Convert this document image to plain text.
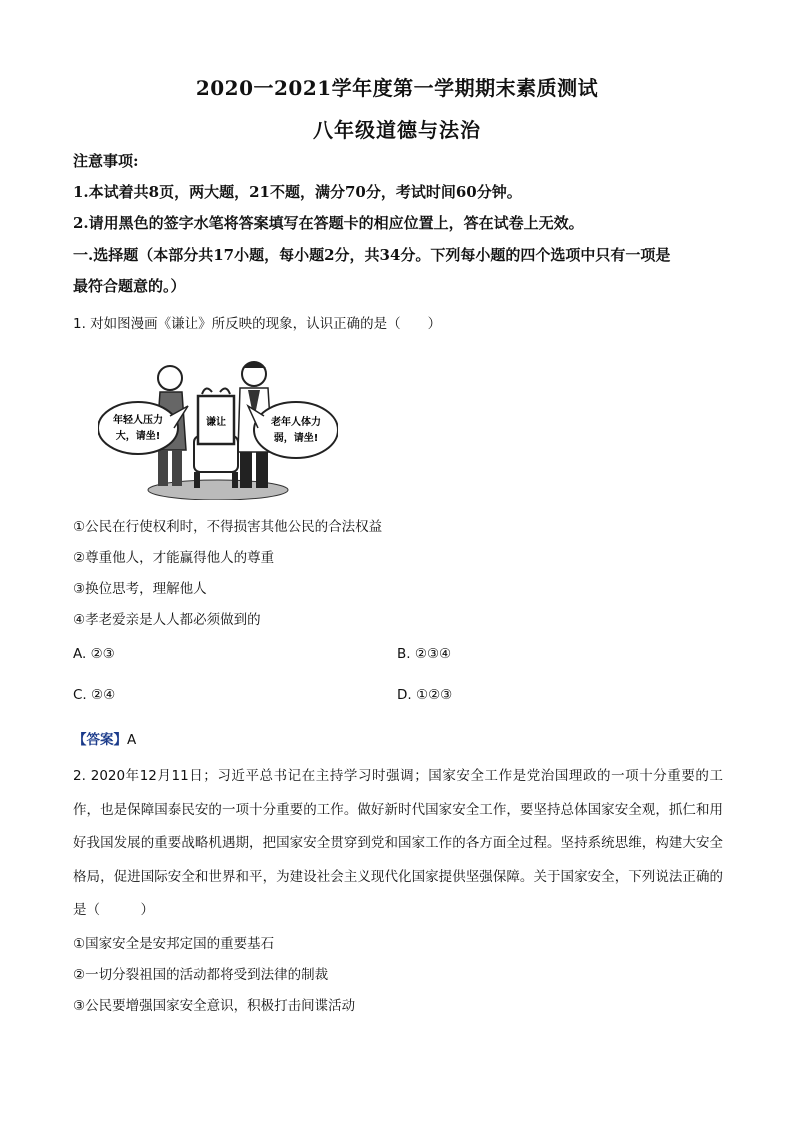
2020一2021学年度第一学期期末素质测试
八年级道德与法治
注意事项:
1.本试着共8页，两大题，21不题，满分70分，考试时间60分钟。
2.请用黑色的签字水笔将答案填写在答题卡的相应位置上，答在试卷上无效。
一.选择题（本部分共17小题，每小题2分，共34分。下列每小题的四个选项中只有一项是
最符合题意的。）
1. 对如图漫画《谦让》所反映的现象，认识正确的是（　　）
谦让
年轻人压力
大，请坐!
老年人体力
弱，请坐!
①公民在行使权利时，不得损害其他公民的合法权益
②尊重他人，才能赢得他人的尊重
③换位思考，理解他人
④孝老爱亲是人人都必须做到的
A. ②③	B. ②③④
C. ②④	D. ①②③
【答案】A
2. 2020年12月11日；习近平总书记在主持学习时强调；国家安全工作是党治国理政的一项十分重要的工作，也是保障国泰民安的一项十分重要的工作。做好新时代国家安全工作，要坚持总体国家安全观，抓仁和用好我国发展的重要战略机遇期，把国家安全贯穿到党和国家工作的各方面全过程。坚持系统思维，构建大安全格局，促进国际安全和世界和平，为建设社会主义现代化国家提供坚强保障。关于国家安全，下列说法正确的是（　　　）
①国家安全是安邦定国的重要基石
②一切分裂祖国的活动都将受到法律的制裁
③公民要增强国家安全意识，积极打击间谍活动
